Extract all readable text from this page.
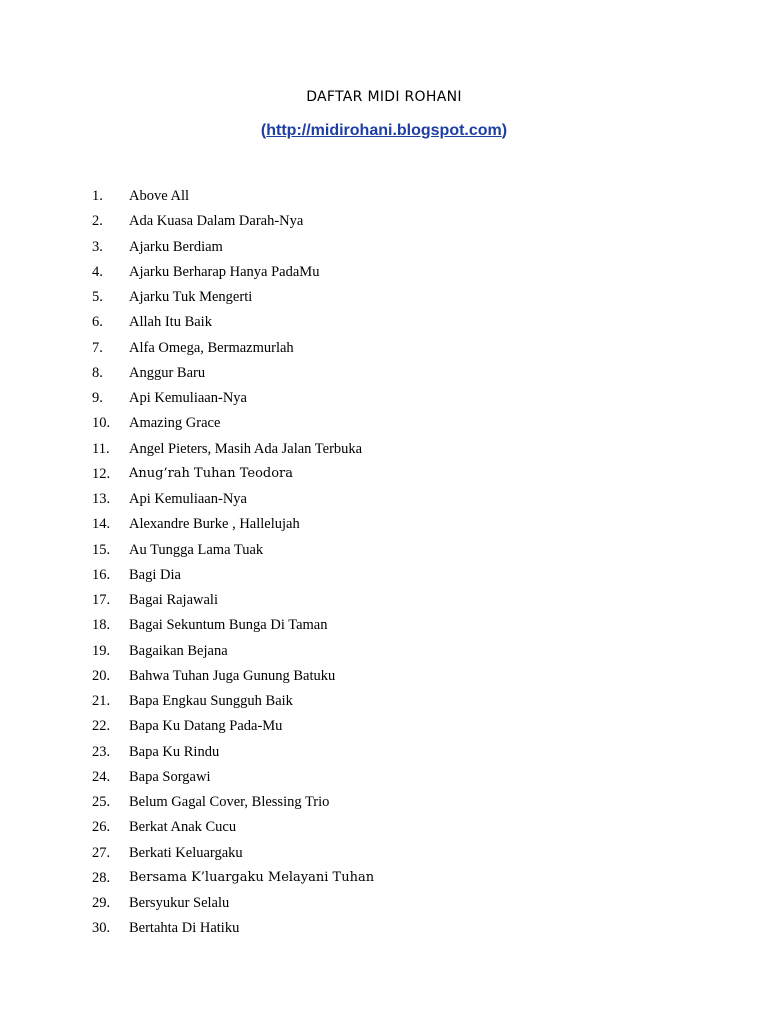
DAFTAR MIDI ROHANI
(http://midirohani.blogspot.com)
1. Above All
2. Ada Kuasa Dalam Darah-Nya
3. Ajarku Berdiam
4. Ajarku Berharap Hanya PadaMu
5. Ajarku Tuk Mengerti
6. Allah Itu Baik
7. Alfa Omega, Bermazmurlah
8. Anggur Baru
9. Api Kemuliaan-Nya
10. Amazing Grace
11. Angel Pieters, Masih Ada Jalan Terbuka
12. Anug’rah Tuhan Teodora
13. Api Kemuliaan-Nya
14. Alexandre Burke , Hallelujah
15. Au Tungga Lama Tuak
16. Bagi Dia
17. Bagai Rajawali
18. Bagai Sekuntum Bunga Di Taman
19. Bagaikan Bejana
20. Bahwa Tuhan Juga Gunung Batuku
21. Bapa Engkau Sungguh Baik
22. Bapa Ku Datang Pada-Mu
23. Bapa Ku Rindu
24. Bapa Sorgawi
25. Belum Gagal Cover, Blessing Trio
26. Berkat Anak Cucu
27. Berkati Keluargaku
28. Bersama K’luargaku Melayani Tuhan
29. Bersyukur Selalu
30. Bertahta Di Hatiku
